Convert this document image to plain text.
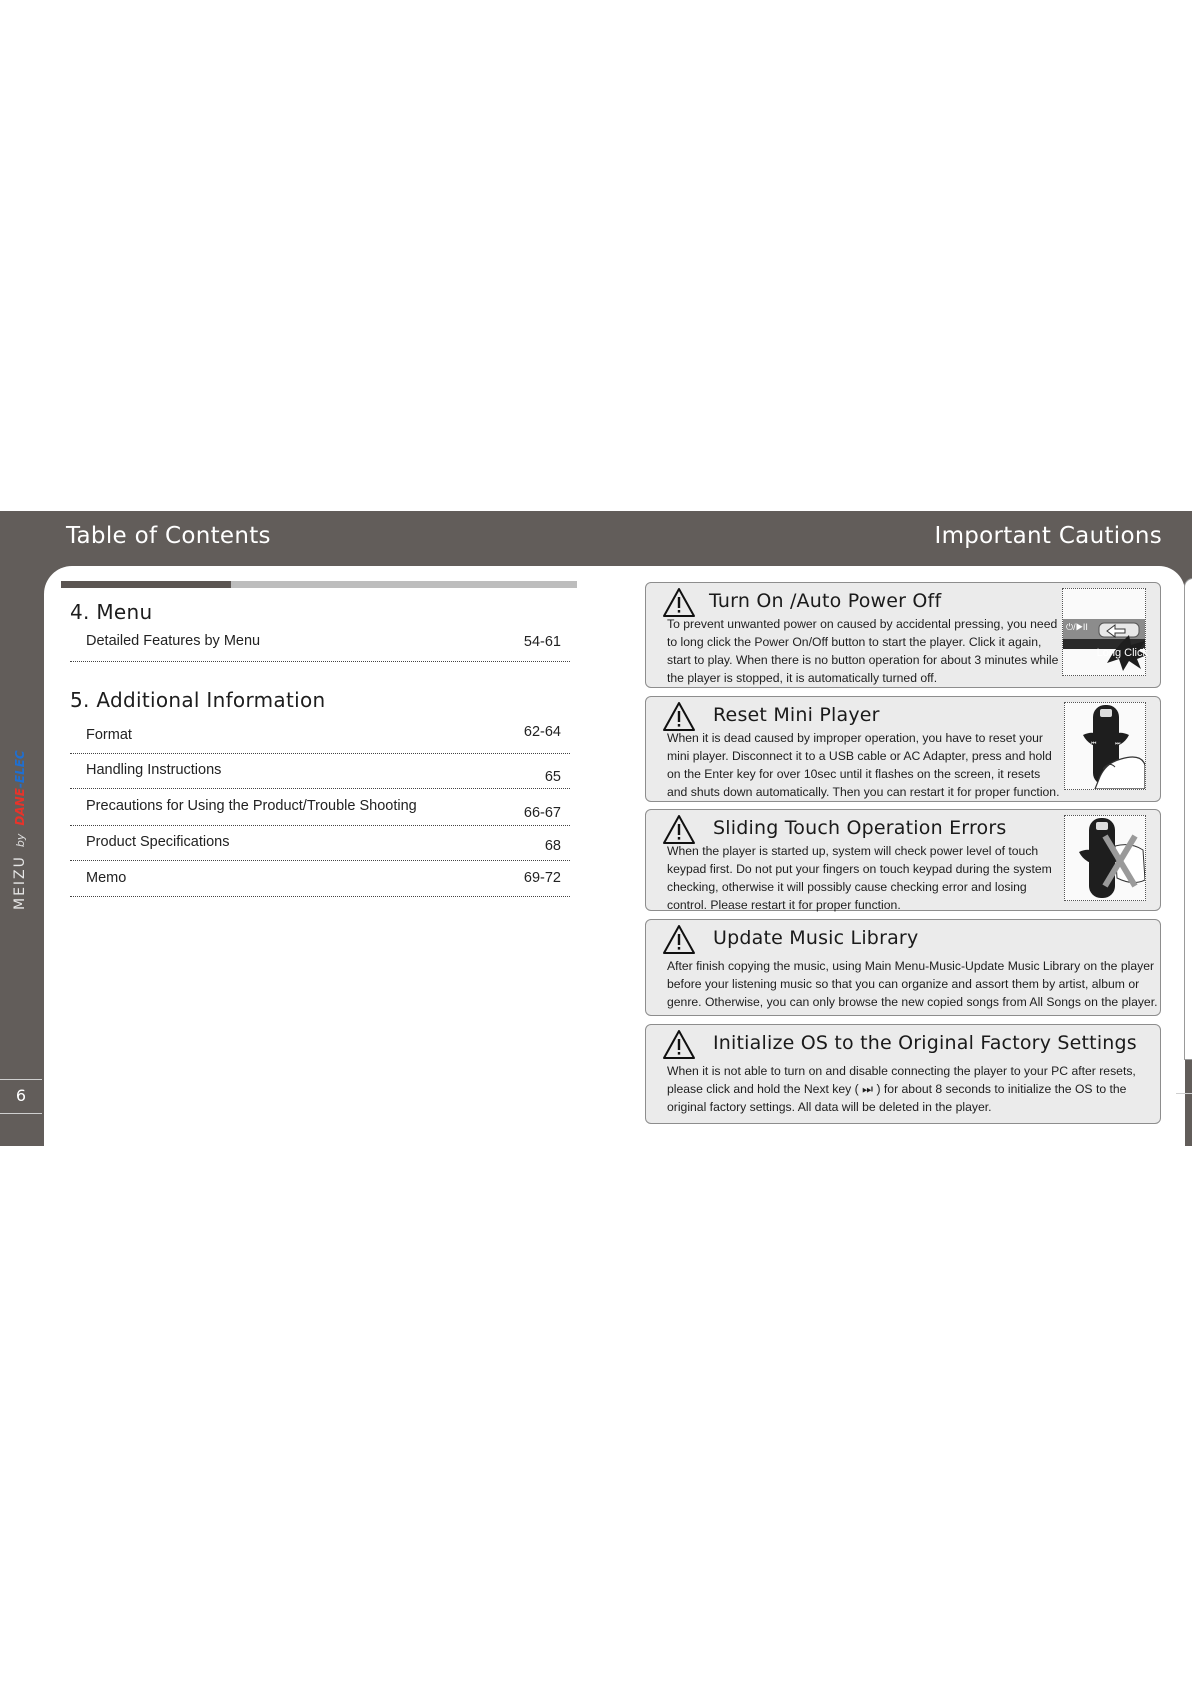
Table of Contents	Important Cautions
MEIZUbyDANE-ELEC
6
4. Menu
Detailed Features by Menu	54-61
5. Additional Information
Format	62-64
Handling Instructions	65
Precautions for Using the Product/Trouble Shooting	66-67
Product Specifications	68
Memo	69-72
Turn On /Auto Power Off
To prevent unwanted power on caused by accidental pressing, you need
to long click the Power On/Off button to start the player. Click it again,
start to play. When there is no button operation for about 3 minutes while
the player is stopped, it is automatically turned off.
⏻/▶II
Long Click
Reset Mini Player
When it is dead caused by improper operation, you have to reset your
mini player. Disconnect it to a USB cable or AC Adapter, press and hold
on the Enter key for over 10sec until it flashes on the screen, it resets
and shuts down automatically. Then you can restart it for proper function.
⏮	⏭
Sliding Touch Operation Errors
When the player is started up, system will check power level of touch
keypad first. Do not put your fingers on touch keypad during the system
checking, otherwise it will possibly cause checking error and losing
control. Please restart it for proper function.
Update Music Library
After finish copying the music, using Main Menu-Music-Update Music Library on the player
before your listening music so that you can organize and assort them by artist, album or
genre. Otherwise, you can only browse the new copied songs from All Songs on the player.
Initialize OS to the Original Factory Settings
When it is not able to turn on and disable connecting the player to your PC after resets,
please click and hold the Next key ( ⏭ ) for about 8 seconds to initialize the OS to the
original factory settings. All data will be deleted in the player.
